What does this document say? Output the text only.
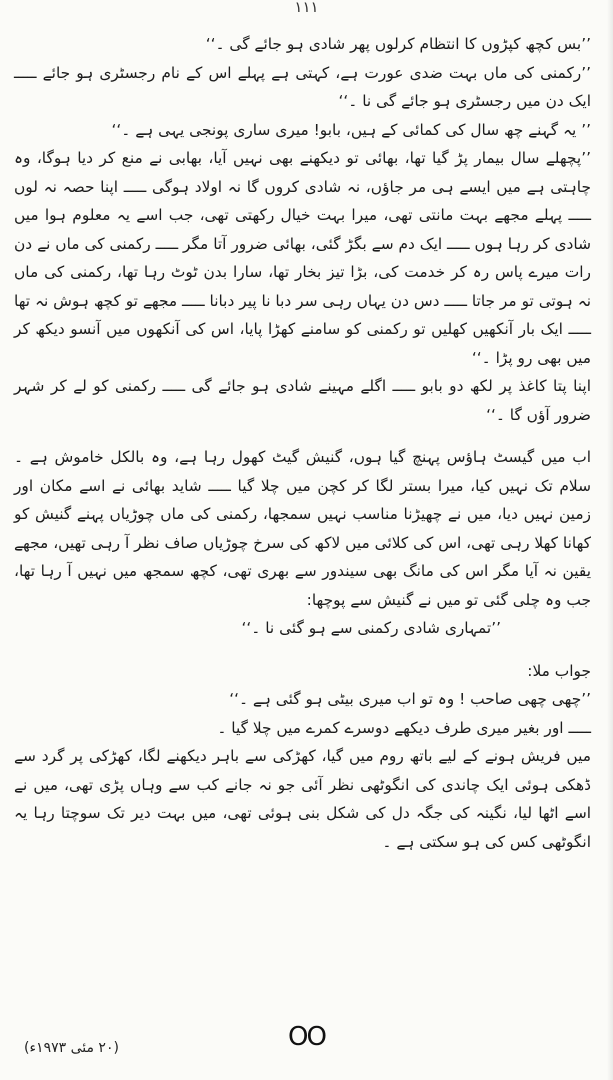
۱۱۱

’’بس کچھ کپڑوں کا انتظام کرلوں پھر شادی ہو جائے گی ۔‘‘

’’رکمنی کی ماں بہت ضدی عورت ہے، کہتی ہے پہلے اس کے نام رجسٹری ہو جائے ـــــ ایک دن میں رجسٹری ہو جائے گی نا ۔‘‘

’’ یہ گہنے چھ سال کی کمائی کے ہیں، بابو! میری ساری پونجی یہی ہے ۔‘‘

’’پچھلے سال بیمار پڑ گیا تھا، بھائی تو دیکھنے بھی نہیں آیا، بھابی نے منع کر دیا ہوگا، وہ چاہتی ہے میں ایسے ہی مر جاؤں، نہ شادی کروں گا نہ اولاد ہوگی ـــــ اپنا حصہ نہ لوں ـــــ پہلے مجھے بہت مانتی تھی، میرا بہت خیال رکھتی تھی، جب اسے یہ معلوم ہوا میں شادی کر رہا ہوں ـــــ ایک دم سے بگڑ گئی، بھائی ضرور آتا مگر ـــــ رکمنی کی ماں نے دن رات میرے پاس رہ کر خدمت کی، بڑا تیز بخار تھا، سارا بدن ٹوٹ رہا تھا، رکمنی کی ماں نہ ہوتی تو مر جاتا ـــــ دس دن یہاں رہی سر دبا نا پیر دبانا ـــــ مجھے تو کچھ ہوش نہ تھا ـــــ ایک بار آنکھیں کھلیں تو رکمنی کو سامنے کھڑا پایا، اس کی آنکھوں میں آنسو دیکھ کر میں بھی رو پڑا ۔‘‘

اپنا پتا کاغذ پر لکھ دو بابو ـــــ اگلے مہینے شادی ہو جائے گی ـــــ رکمنی کو لے کر شہر ضرور آؤں گا ۔‘‘

اب میں گیسٹ ہاؤس پہنچ گیا ہوں، گنیش گیٹ کھول رہا ہے، وہ بالکل خاموش ہے ۔ سلام تک نہیں کیا، میرا بستر لگا کر کچن میں چلا گیا ـــــ شاید بھائی نے اسے مکان اور زمین نہیں دیا، میں نے چھیڑنا مناسب نہیں سمجھا، رکمنی کی ماں چوڑیاں پہنے گنیش کو کھانا کھلا رہی تھی، اس کی کلائی میں لاکھ کی سرخ چوڑیاں صاف نظر آ رہی تھیں، مجھے یقین نہ آیا مگر اس کی مانگ بھی سیندور سے بھری تھی، کچھ سمجھ میں نہیں آ رہا تھا، جب وہ چلی گئی تو میں نے گنیش سے پوچھا:

’’تمہاری شادی رکمنی سے ہو گئی نا ۔‘‘

جواب ملا:

’’چھی چھی صاحب ! وہ تو اب میری بیٹی ہو گئی ہے ۔‘‘

ـــــ اور بغیر میری طرف دیکھے دوسرے کمرے میں چلا گیا ۔

میں فریش ہونے کے لیے باتھ روم میں گیا، کھڑکی سے باہر دیکھنے لگا، کھڑکی پر گرد سے ڈھکی ہوئی ایک چاندی کی انگوٹھی نظر آئی جو نہ جانے کب سے وہاں پڑی تھی، میں نے اسے اٹھا لیا، نگینہ کی جگہ دل کی شکل بنی ہوئی تھی، میں بہت دیر تک سوچتا رہا یہ انگوٹھی کس کی ہو سکتی ہے ۔

OO
(۲۰ مئی ۱۹۷۳ء)
